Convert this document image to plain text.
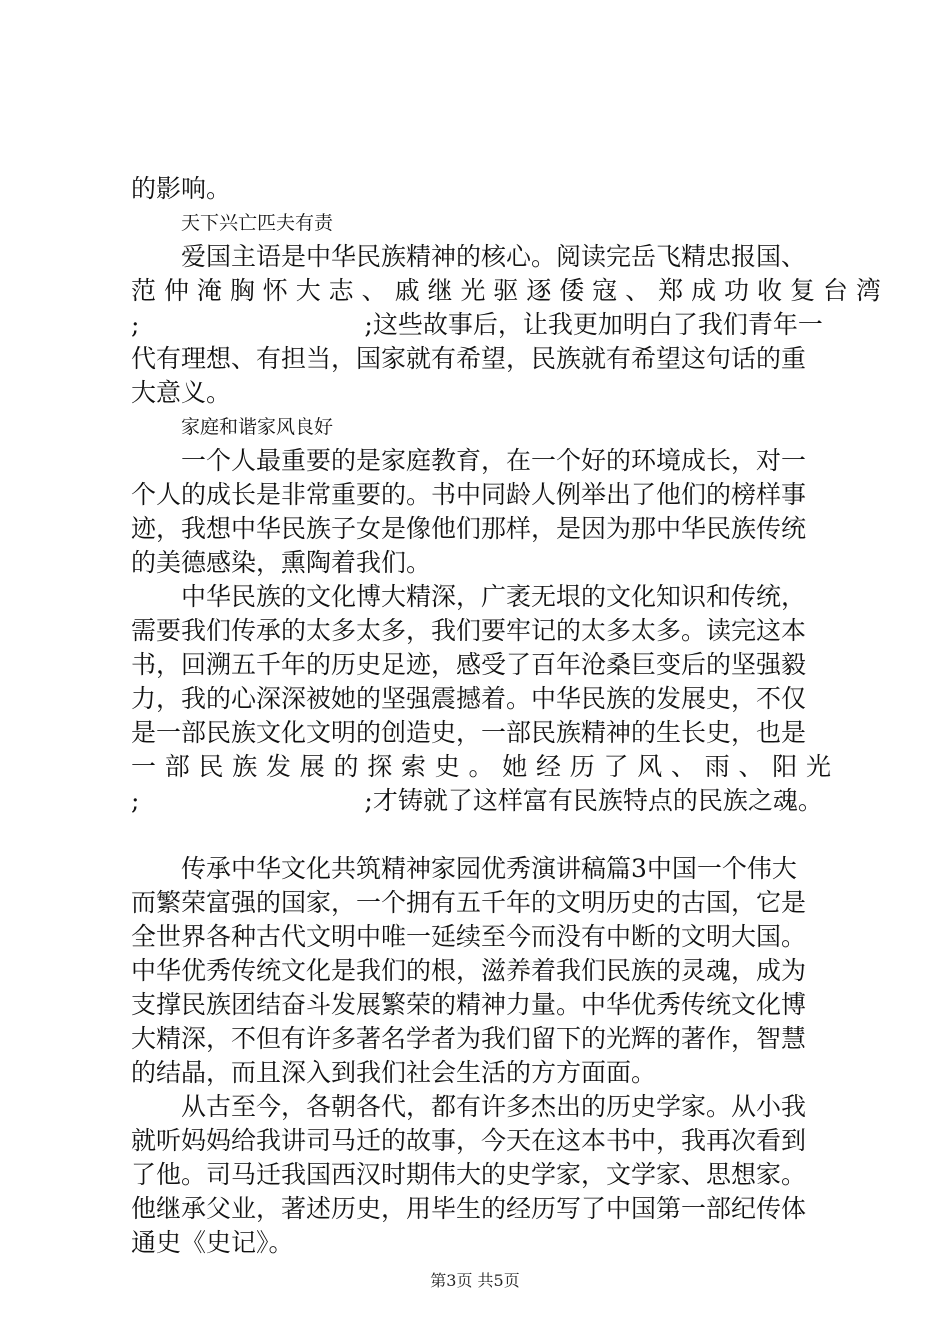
的影响。
天下兴亡匹夫有责
爱国主语是中华民族精神的核心。阅读完岳飞精忠报国、
范 仲 淹 胸 怀 大 志 、 戚 继 光 驱 逐 倭 寇 、 郑 成 功 收 复 台 湾
;　　　　　　　　　;这些故事后，让我更加明白了我们青年一
代有理想、有担当，国家就有希望，民族就有希望这句话的重
大意义。
家庭和谐家风良好
一个人最重要的是家庭教育，在一个好的环境成长，对一
个人的成长是非常重要的。书中同龄人例举出了他们的榜样事
迹，我想中华民族子女是像他们那样，是因为那中华民族传统
的美德感染，熏陶着我们。
中华民族的文化博大精深，广袤无垠的文化知识和传统，
需要我们传承的太多太多，我们要牢记的太多太多。读完这本
书，回溯五千年的历史足迹，感受了百年沧桑巨变后的坚强毅
力，我的心深深被她的坚强震撼着。中华民族的发展史，不仅
是一部民族文化文明的创造史，一部民族精神的生长史，也是
一 部 民 族 发 展 的 探 索 史 。 她 经 历 了 风 、 雨 、 阳 光
;　　　　　　　　　;才铸就了这样富有民族特点的民族之魂。
传承中华文化共筑精神家园优秀演讲稿篇3中国一个伟大
而繁荣富强的国家，一个拥有五千年的文明历史的古国，它是
全世界各种古代文明中唯一延续至今而没有中断的文明大国。
中华优秀传统文化是我们的根，滋养着我们民族的灵魂，成为
支撑民族团结奋斗发展繁荣的精神力量。中华优秀传统文化博
大精深，不但有许多著名学者为我们留下的光辉的著作，智慧
的结晶，而且深入到我们社会生活的方方面面。
从古至今，各朝各代，都有许多杰出的历史学家。从小我
就听妈妈给我讲司马迁的故事，今天在这本书中，我再次看到
了他。司马迁我国西汉时期伟大的史学家，文学家、思想家。
他继承父业，著述历史，用毕生的经历写了中国第一部纪传体
通史《史记》。
第3页 共5页
